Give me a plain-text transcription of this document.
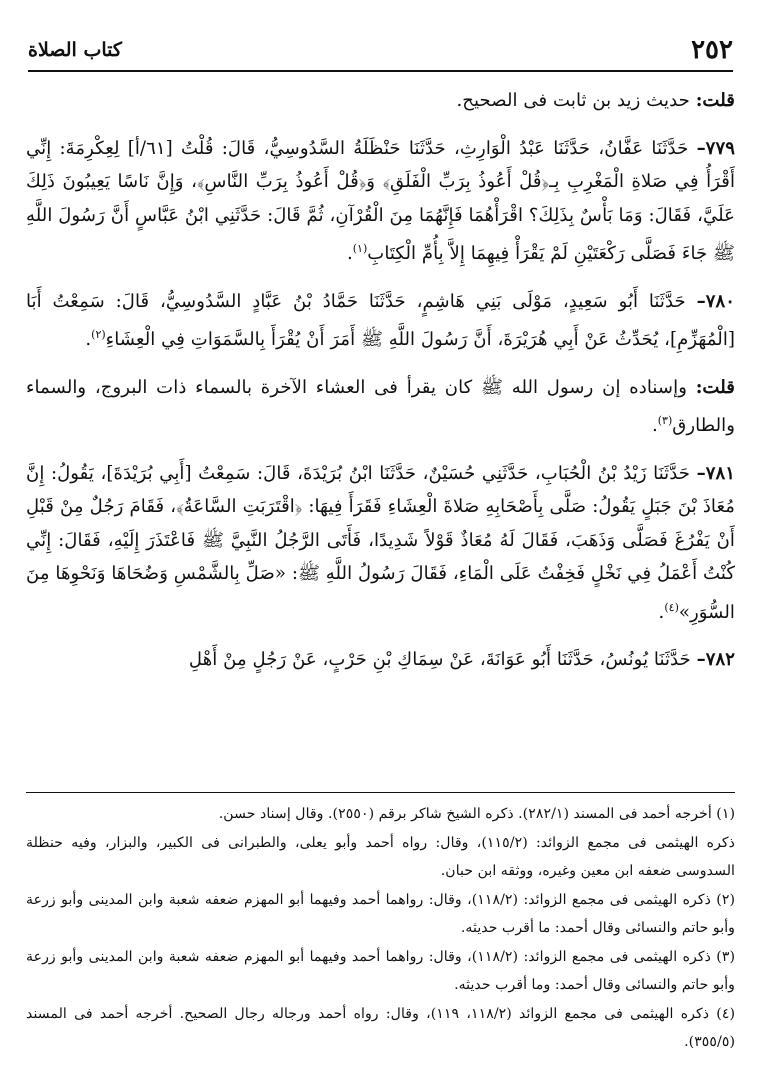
٢٥٢
كتاب الصلاة

قلت: حديث زيد بن ثابت فى الصحيح.

٧٧٩– حَدَّثَنَا عَفَّانُ، حَدَّثَنَا عَبْدُ الْوَارِثِ، حَدَّثَنَا حَنْظَلَةُ السَّدُوسِيُّ، قَالَ: قُلْتُ [٦١/أ] لِعِكْرِمَةَ: إِنِّي أَقْرَأُ فِي صَلاةِ الْمَغْرِبِ بِـ﴿قُلْ أَعُوذُ بِرَبِّ الْفَلَقِ﴾ وَ﴿قُلْ أَعُوذُ بِرَبِّ النَّاسِ﴾، وَإِنَّ نَاسًا يَعِيبُونَ ذَلِكَ عَلَيَّ، فَقَالَ: وَمَا بَأْسٌ بِذَلِكَ؟ اقْرَأْهُمَا فَإِنَّهُمَا مِنَ الْقُرْآنِ، ثُمَّ قَالَ: حَدَّثَنِي ابْنُ عَبَّاسٍ أَنَّ رَسُولَ اللَّهِ ﷺ جَاءَ فَصَلَّى رَكْعَتَيْنِ لَمْ يَقْرَأْ فِيهِمَا إِلاَّ بِأُمِّ الْكِتَابِ$^{(١)}$.

٧٨٠– حَدَّثَنَا أَبُو سَعِيدٍ، مَوْلَى بَنِي هَاشِمٍ، حَدَّثَنَا حَمَّادُ بْنُ عَبَّادٍ السَّدُوسِيُّ، قَالَ: سَمِعْتُ أَبَا [الْمُهَزِّمِ]، يُحَدِّثُ عَنْ أَبِي هُرَيْرَةَ، أَنَّ رَسُولَ اللَّهِ ﷺ أَمَرَ أَنْ يُقْرَأَ بِالسَّمَوَاتِ فِي الْعِشَاءِ$^{(٢)}$.

قلت: وإسناده إن رسول الله ﷺ كان يقرأ فى العشاء الآخرة بالسماء ذات البروج، والسماء والطارق$^{(٣)}$.

٧٨١– حَدَّثَنَا زَيْدُ بْنُ الْحُبَابِ، حَدَّثَنِي حُسَيْنٌ، حَدَّثَنَا ابْنُ بُرَيْدَةَ، قَالَ: سَمِعْتُ [أَبِي بُرَيْدَةَ]، يَقُولُ: إِنَّ مُعَاذَ بْنَ جَبَلٍ يَقُولُ: صَلَّى بِأَصْحَابِهِ صَلاةَ الْعِشَاءِ فَقَرَأَ فِيهَا: ﴿اقْتَرَبَتِ السَّاعَةُ﴾، فَقَامَ رَجُلٌ مِنْ قَبْلِ أَنْ يَفْرُغَ فَصَلَّى وَذَهَبَ، فَقَالَ لَهُ مُعَاذٌ قَوْلاً شَدِيدًا، فَأَتَى الرَّجُلُ النَّبِيَّ ﷺ فَاعْتَذَرَ إِلَيْهِ، فَقَالَ: إِنِّي كُنْتُ أَعْمَلُ فِي نَخْلٍ فَخِفْتُ عَلَى الْمَاءِ، فَقَالَ رَسُولُ اللَّهِ ﷺ: «صَلِّ بِالشَّمْسِ وَضُحَاهَا وَنَحْوِهَا مِنَ السُّوَرِ»$^{(٤)}$.

٧٨٢– حَدَّثَنَا يُونُسُ، حَدَّثَنَا أَبُو عَوَانَةَ، عَنْ سِمَاكِ بْنِ حَرْبٍ، عَنْ رَجُلٍ مِنْ أَهْلِ

(١) أخرجه أحمد فى المسند (٢٨٢/١). ذكره الشيخ شاكر برقم (٢٥٥٠). وقال إسناد حسن.

ذكره الهيثمى فى مجمع الزوائد: (١١٥/٢)، وقال: رواه أحمد وأبو يعلى، والطبرانى فى الكبير، والبزار، وفيه حنظلة السدوسى ضعفه ابن معين وغيره، ووثقه ابن حبان.

(٢) ذكره الهيثمى فى مجمع الزوائد: (١١٨/٢)، وقال: رواهما أحمد وفيهما أبو المهزم ضعفه شعبة وابن المدينى وأبو زرعة وأبو حاتم والنسائى وقال أحمد: ما أقرب حديثه.

(٣) ذكره الهيثمى فى مجمع الزوائد: (١١٨/٢)، وقال: رواهما أحمد وفيهما أبو المهزم ضعفه شعبة وابن المدينى وأبو زرعة وأبو حاتم والنسائى وقال أحمد: وما أقرب حديثه.

(٤) ذكره الهيثمى فى مجمع الزوائد (١١٨/٢، ١١٩)، وقال: رواه أحمد ورجاله رجال الصحيح. أخرجه أحمد فى المسند (٣٥٥/٥).
